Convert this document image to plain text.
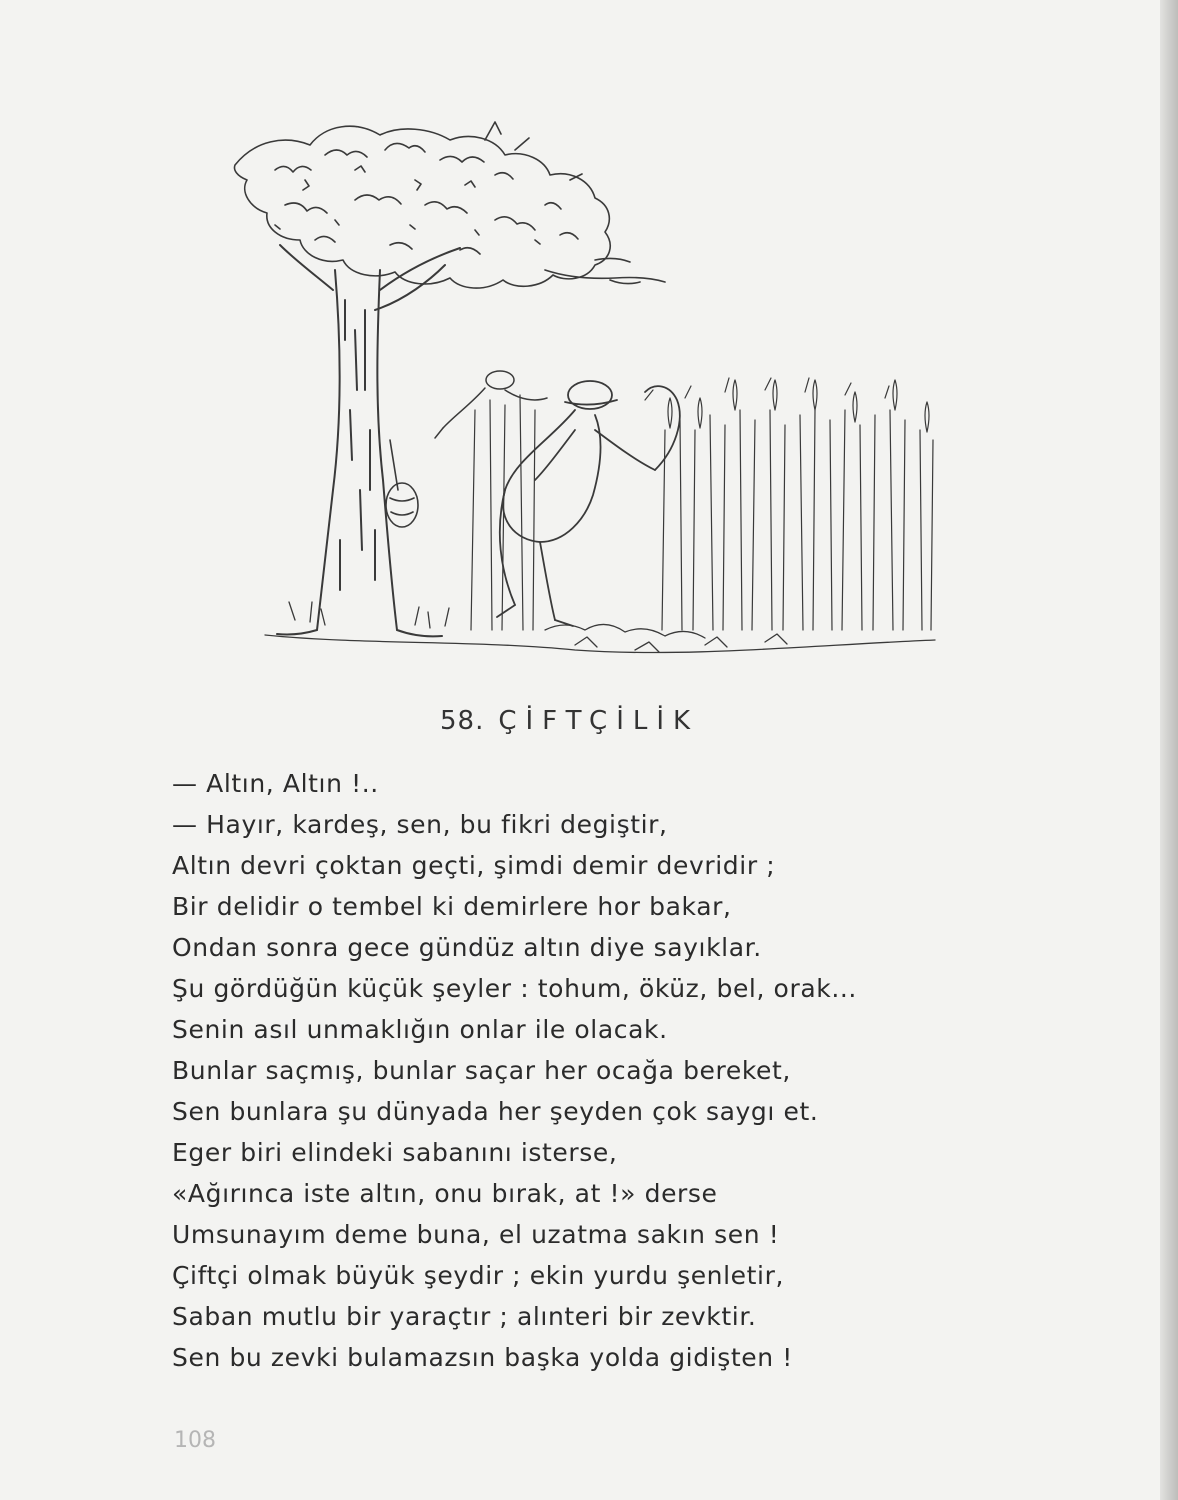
58. ÇİFTÇİLİK
— Altın, Altın !..
— Hayır, kardeş, sen, bu fikri degiştir,
Altın devri çoktan geçti, şimdi demir devridir ;
Bir delidir o tembel ki demirlere hor bakar,
Ondan sonra gece gündüz altın diye sayıklar.
Şu gördüğün küçük şeyler : tohum, öküz, bel, orak...
Senin asıl unmaklığın onlar ile olacak.
Bunlar saçmış, bunlar saçar her ocağa bereket,
Sen bunlara şu dünyada her şeyden çok saygı et.
Eger biri elindeki sabanını isterse,
«Ağırınca iste altın, onu bırak, at !» derse
Umsunayım deme buna, el uzatma sakın sen !
Çiftçi olmak büyük şeydir ; ekin yurdu şenletir,
Saban mutlu bir yaraçtır ; alınteri bir zevktir.
Sen bu zevki bulamazsın başka yolda gidişten !
108
